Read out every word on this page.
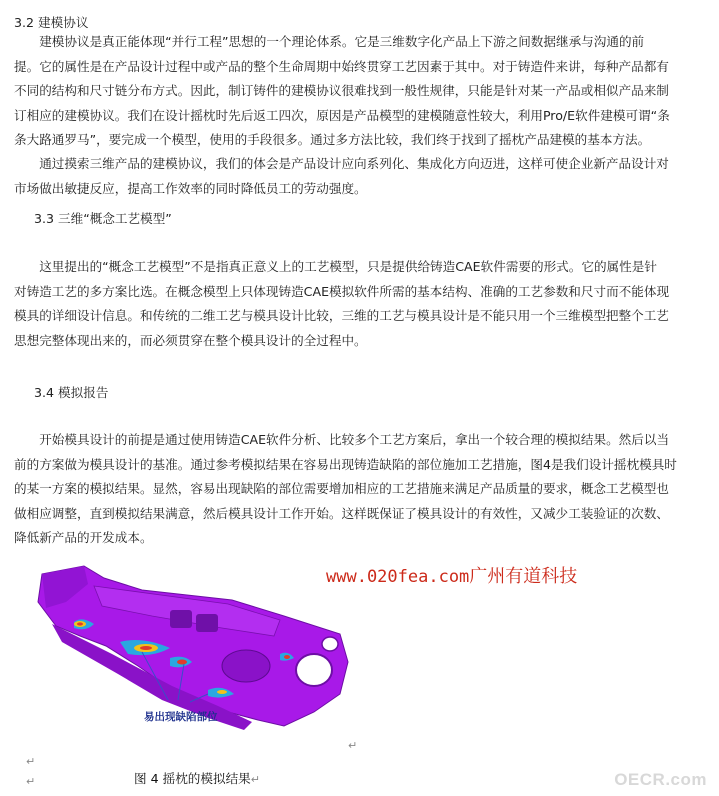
3.2 建模协议
　　建模协议是真正能体现“并行工程”思想的一个理论体系。它是三维数字化产品上下游之间数据继承与沟通的前
提。它的属性是在产品设计过程中或产品的整个生命周期中始终贯穿工艺因素于其中。对于铸造件来讲，每种产品都有
不同的结构和尺寸链分布方式。因此，制订铸件的建模协议很难找到一般性规律，只能是针对某一产品或相似产品来制
订相应的建模协议。我们在设计摇枕时先后返工四次，原因是产品模型的建模随意性较大，利用Pro/E软件建模可谓“条
条大路通罗马”，要完成一个模型，使用的手段很多。通过多方法比较，我们终于找到了摇枕产品建模的基本方法。
　　通过摸索三维产品的建模协议，我们的体会是产品设计应向系列化、集成化方向迈进，这样可使企业新产品设计对
市场做出敏捷反应，提高工作效率的同时降低员工的劳动强度。
3.3 三维“概念工艺模型”
　　这里提出的“概念工艺模型”不是指真正意义上的工艺模型，只是提供给铸造CAE软件需要的形式。它的属性是针
对铸造工艺的多方案比选。在概念模型上只体现铸造CAE模拟软件所需的基本结构、准确的工艺参数和尺寸而不能体现
模具的详细设计信息。和传统的二维工艺与模具设计比较，三维的工艺与模具设计是不能只用一个三维模型把整个工艺
思想完整体现出来的，而必须贯穿在整个模具设计的全过程中。
3.4 模拟报告
　　开始模具设计的前提是通过使用铸造CAE软件分析、比较多个工艺方案后，拿出一个较合理的模拟结果。然后以当
前的方案做为模具设计的基准。通过参考模拟结果在容易出现铸造缺陷的部位施加工艺措施，图4是我们设计摇枕模具时
的某一方案的模拟结果。显然，容易出现缺陷的部位需要增加相应的工艺措施来满足产品质量的要求，概念工艺模型也
做相应调整，直到模拟结果满意，然后模具设计工作开始。这样既保证了模具设计的有效性，又减少工装验证的次数、
降低新产品的开发成本。
易出现缺陷部位
www.020fea.com广州有道科技
↵
↵
↵	图 4 摇枕的模拟结果↵	OECR.com
